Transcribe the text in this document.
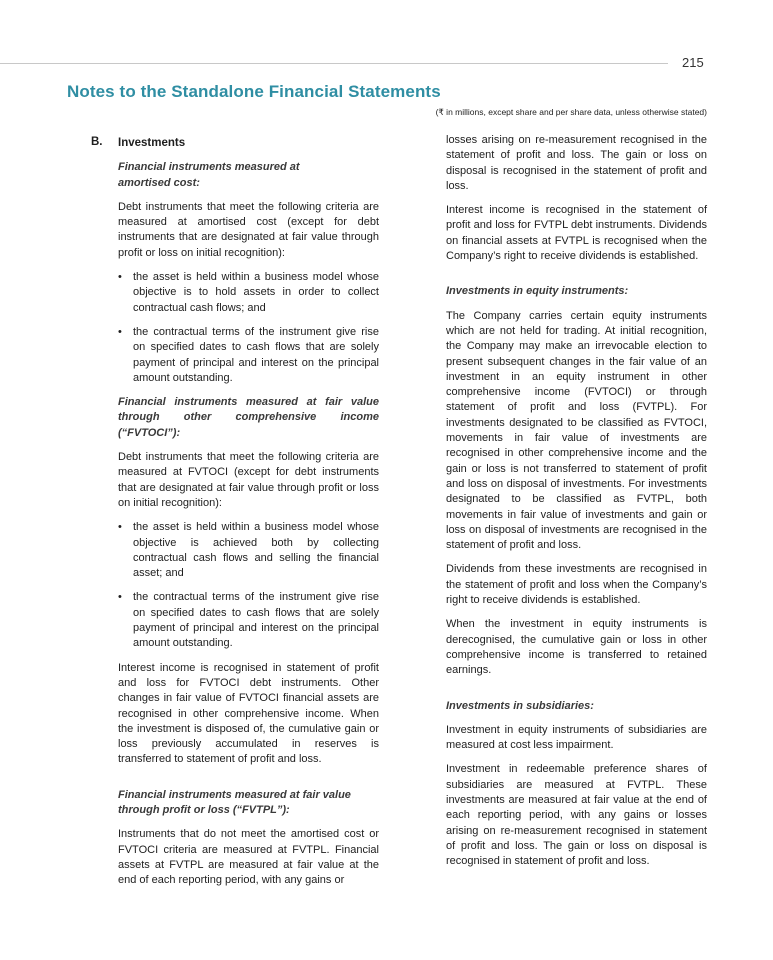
215
Notes to the Standalone Financial Statements
(₹ in millions, except share and per share data, unless otherwise stated)
B. Investments
Financial instruments measured at amortised cost:

Debt instruments that meet the following criteria are measured at amortised cost (except for debt instruments that are designated at fair value through profit or loss on initial recognition):

• the asset is held within a business model whose objective is to hold assets in order to collect contractual cash flows; and
• the contractual terms of the instrument give rise on specified dates to cash flows that are solely payment of principal and interest on the principal amount outstanding.
Financial instruments measured at fair value through other comprehensive income (“FVTOCI”):

Debt instruments that meet the following criteria are measured at FVTOCI (except for debt instruments that are designated at fair value through profit or loss on initial recognition):

• the asset is held within a business model whose objective is achieved both by collecting contractual cash flows and selling the financial asset; and
• the contractual terms of the instrument give rise on specified dates to cash flows that are solely payment of principal and interest on the principal amount outstanding.

Interest income is recognised in statement of profit and loss for FVTOCI debt instruments. Other changes in fair value of FVTOCI financial assets are recognised in other comprehensive income. When the investment is disposed of, the cumulative gain or loss previously accumulated in reserves is transferred to statement of profit and loss.

Financial instruments measured at fair value through profit or loss (“FVTPL”):

Instruments that do not meet the amortised cost or FVTOCI criteria are measured at FVTPL. Financial assets at FVTPL are measured at fair value at the end of each reporting period, with any gains or

losses arising on re-measurement recognised in the statement of profit and loss. The gain or loss on disposal is recognised in the statement of profit and loss.

Interest income is recognised in the statement of profit and loss for FVTPL debt instruments. Dividends on financial assets at FVTPL is recognised when the Company’s right to receive dividends is established.

Investments in equity instruments:

The Company carries certain equity instruments which are not held for trading. At initial recognition, the Company may make an irrevocable election to present subsequent changes in the fair value of an investment in an equity instrument in other comprehensive income (FVTOCI) or through statement of profit and loss (FVTPL). For investments designated to be classified as FVTOCI, movements in fair value of investments are recognised in other comprehensive income and the gain or loss is not transferred to statement of profit and loss on disposal of investments. For investments designated to be classified as FVTPL, both movements in fair value of investments and gain or loss on disposal of investments are recognised in the statement of profit and loss.

Dividends from these investments are recognised in the statement of profit and loss when the Company’s right to receive dividends is established.

When the investment in equity instruments is derecognised, the cumulative gain or loss in other comprehensive income is transferred to retained earnings.

Investments in subsidiaries:

Investment in equity instruments of subsidiaries are measured at cost less impairment.

Investment in redeemable preference shares of subsidiaries are measured at FVTPL. These investments are measured at fair value at the end of each reporting period, with any gains or losses arising on re-measurement recognised in statement of profit and loss. The gain or loss on disposal is recognised in statement of profit and loss.
